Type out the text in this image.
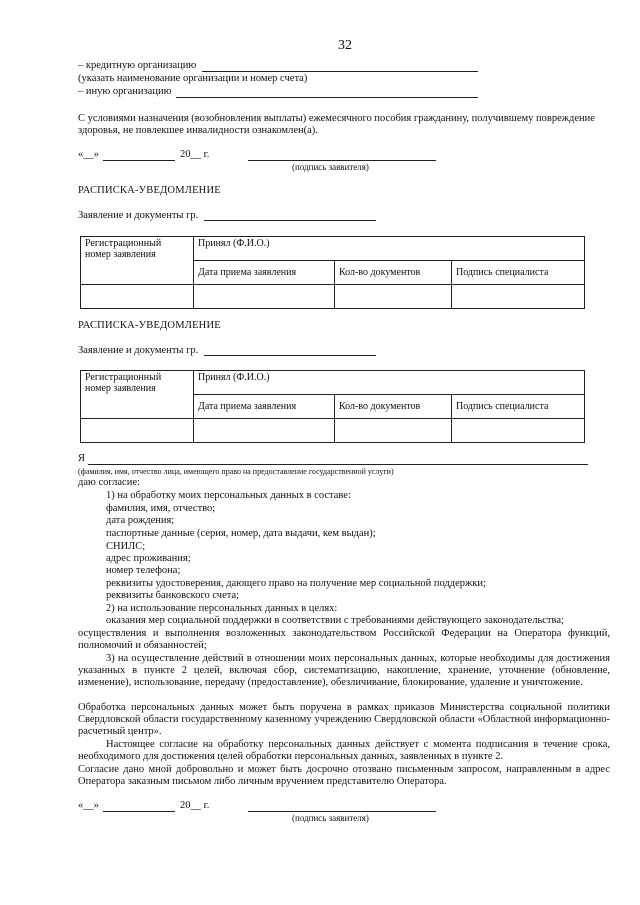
32
– кредитную организацию
(указать наименование организации и номер счета)
– иную организацию
С условиями назначения (возобновления выплаты) ежемесячного пособия гражданину, получившему повреждение
здоровья, не повлекшее инвалидности ознакомлен(а).
«__»	20__ г.
(подпись заявителя)
РАСПИСКА-УВЕДОМЛЕНИЕ
Заявление и документы гр.
Регистрационный номер заявления	Принял (Ф.И.О.)		
	Дата приема заявления	Кол-во документов	Подпись специалиста

РАСПИСКА-УВЕДОМЛЕНИЕ
Заявление и документы гр.
Регистрационный номер заявления	Принял (Ф.И.О.)		
	Дата приема заявления	Кол-во документов	Подпись специалиста

Я
(фамилия, имя, отчество лица, имеющего право на предоставление государственной услуги)
даю согласие:
1) на обработку моих персональных данных в составе:
фамилия, имя, отчество;
дата рождения;
паспортные данные (серия, номер, дата выдачи, кем выдан);
СНИЛС;
адрес проживания;
номер телефона;
реквизиты удостоверения, дающего право на получение мер социальной поддержки;
реквизиты банковского счета;
2) на использование персональных данных в целях:
оказания мер социальной поддержки в соответствии с требованиями действующего законодательства;
осуществления и выполнения возложенных законодательством Российской Федерации на Оператора функций, полномочий и обязанностей;
3) на осуществление действий в отношении моих персональных данных, которые необходимы для достижения указанных в пункте 2 целей, включая сбор, систематизацию, накопление, хранение, уточнение (обновление, изменение), использование, передачу (предоставление), обезличивание, блокирование, удаление и уничтожение.
Обработка персональных данных может быть поручена в рамках приказов Министерства социальной политики Свердловской области государственному казенному учреждению Свердловской области «Областной информационно-расчетный центр».
Настоящее согласие на обработку персональных данных действует с момента подписания в течение срока, необходимого для достижения целей обработки персональных данных, заявленных в пункте 2.
Согласие дано мной добровольно и может быть досрочно отозвано письменным запросом, направленным в адрес Оператора заказным письмом либо личным вручением представителю Оператора.
«__»	20__ г.
(подпись заявителя)
